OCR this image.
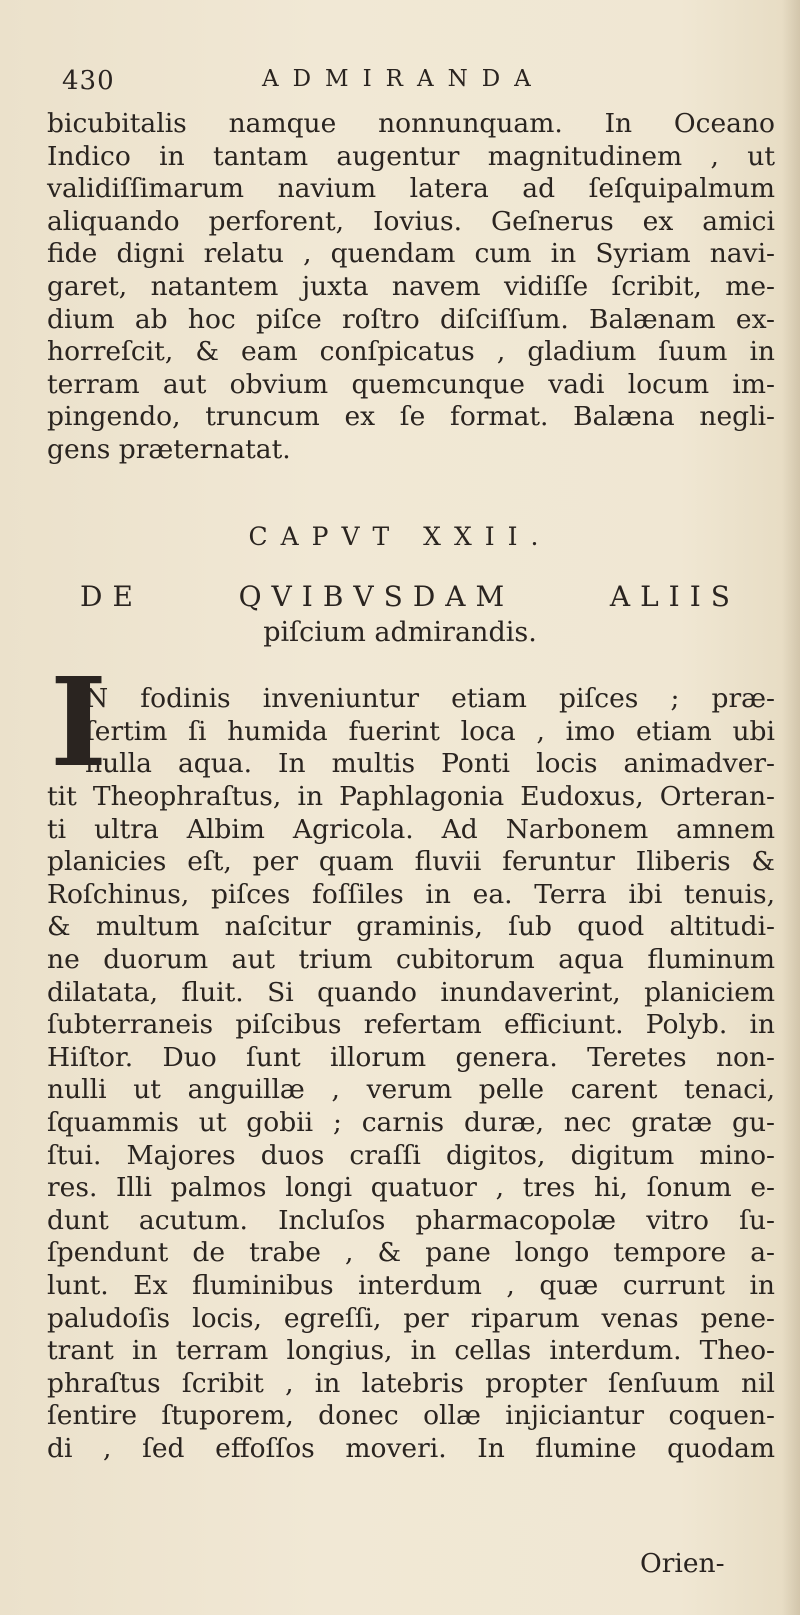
430	ADMIRANDA
bicubitalis namque nonnunquam. In Oceano
Indico in tantam augentur magnitudinem , ut
validiſſimarum navium latera ad ſeſquipalmum
aliquando perforent, Iovius. Geſnerus ex amici
fide digni relatu , quendam cum in Syriam navi-
garet, natantem juxta navem vidiſſe ſcribit, me-
dium ab hoc piſce roſtro diſciſſum. Balænam ex-
horreſcit, & eam conſpicatus , gladium ſuum in
terram aut obvium quemcunque vadi locum im-
pingendo, truncum ex ſe format. Balæna negli-
gens præternatat.
CAPVT XXII.
DE QVIBVSDAM ALIIS
piſcium admirandis.
I
N fodinis inveniuntur etiam piſces ; præ-
ſertim ſi humida fuerint loca , imo etiam ubi
nulla aqua. In multis Ponti locis animadver-
tit Theophraſtus, in Paphlagonia Eudoxus, Orteran-
ti ultra Albim Agricola. Ad Narbonem amnem
planicies eſt, per quam fluvii feruntur Iliberis &
Roſchinus, piſces foſſiles in ea. Terra ibi tenuis,
& multum naſcitur graminis, ſub quod altitudi-
ne duorum aut trium cubitorum aqua fluminum
dilatata, fluit. Si quando inundaverint, planiciem
ſubterraneis piſcibus refertam efficiunt. Polyb. in
Hiſtor. Duo ſunt illorum genera. Teretes non-
nulli ut anguillæ , verum pelle carent tenaci,
ſquammis ut gobii ; carnis duræ, nec gratæ gu-
ſtui. Majores duos craſſi digitos, digitum mino-
res. Illi palmos longi quatuor , tres hi, ſonum e-
dunt acutum. Incluſos pharmacopolæ vitro ſu-
ſpendunt de trabe , & pane longo tempore a-
lunt. Ex fluminibus interdum , quæ currunt in
paludoſis locis, egreſſi, per riparum venas pene-
trant in terram longius, in cellas interdum. Theo-
phraſtus ſcribit , in latebris propter ſenſuum nil
ſentire ſtuporem, donec ollæ injiciantur coquen-
di , ſed effoſſos moveri. In flumine quodam
Orien-
